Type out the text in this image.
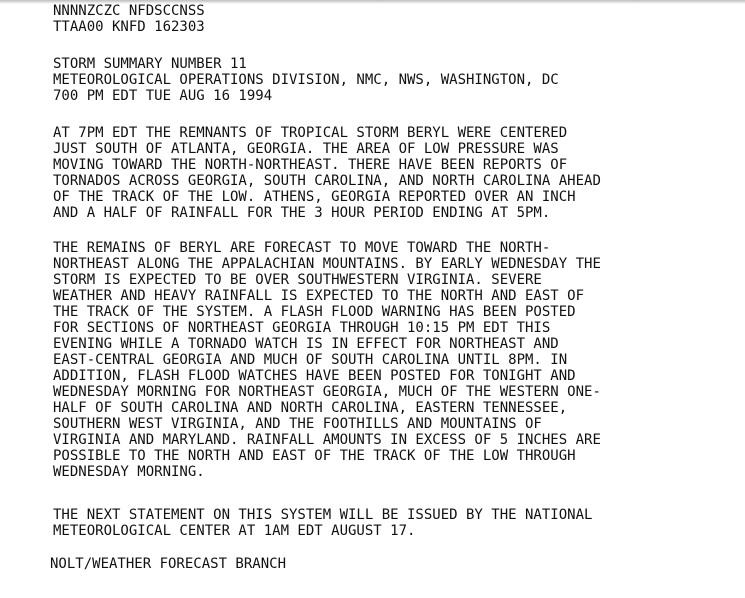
NNNNZCZC NFDSCCNSS
TTAA00 KNFD 162303
STORM SUMMARY NUMBER 11
METEOROLOGICAL OPERATIONS DIVISION, NMC, NWS, WASHINGTON, DC
700 PM EDT TUE AUG 16 1994
AT 7PM EDT THE REMNANTS OF TROPICAL STORM BERYL WERE CENTERED
JUST SOUTH OF ATLANTA, GEORGIA. THE AREA OF LOW PRESSURE WAS
MOVING TOWARD THE NORTH-NORTHEAST. THERE HAVE BEEN REPORTS OF
TORNADOS ACROSS GEORGIA, SOUTH CAROLINA, AND NORTH CAROLINA AHEAD
OF THE TRACK OF THE LOW. ATHENS, GEORGIA REPORTED OVER AN INCH
AND A HALF OF RAINFALL FOR THE 3 HOUR PERIOD ENDING AT 5PM.
THE REMAINS OF BERYL ARE FORECAST TO MOVE TOWARD THE NORTH-
NORTHEAST ALONG THE APPALACHIAN MOUNTAINS. BY EARLY WEDNESDAY THE
STORM IS EXPECTED TO BE OVER SOUTHWESTERN VIRGINIA. SEVERE
WEATHER AND HEAVY RAINFALL IS EXPECTED TO THE NORTH AND EAST OF
THE TRACK OF THE SYSTEM. A FLASH FLOOD WARNING HAS BEEN POSTED
FOR SECTIONS OF NORTHEAST GEORGIA THROUGH 10:15 PM EDT THIS
EVENING WHILE A TORNADO WATCH IS IN EFFECT FOR NORTHEAST AND
EAST-CENTRAL GEORGIA AND MUCH OF SOUTH CAROLINA UNTIL 8PM. IN
ADDITION, FLASH FLOOD WATCHES HAVE BEEN POSTED FOR TONIGHT AND
WEDNESDAY MORNING FOR NORTHEAST GEORGIA, MUCH OF THE WESTERN ONE-
HALF OF SOUTH CAROLINA AND NORTH CAROLINA, EASTERN TENNESSEE,
SOUTHERN WEST VIRGINIA, AND THE FOOTHILLS AND MOUNTAINS OF
VIRGINIA AND MARYLAND. RAINFALL AMOUNTS IN EXCESS OF 5 INCHES ARE
POSSIBLE TO THE NORTH AND EAST OF THE TRACK OF THE LOW THROUGH
WEDNESDAY MORNING.
THE NEXT STATEMENT ON THIS SYSTEM WILL BE ISSUED BY THE NATIONAL
METEOROLOGICAL CENTER AT 1AM EDT AUGUST 17.
NOLT/WEATHER FORECAST BRANCH
